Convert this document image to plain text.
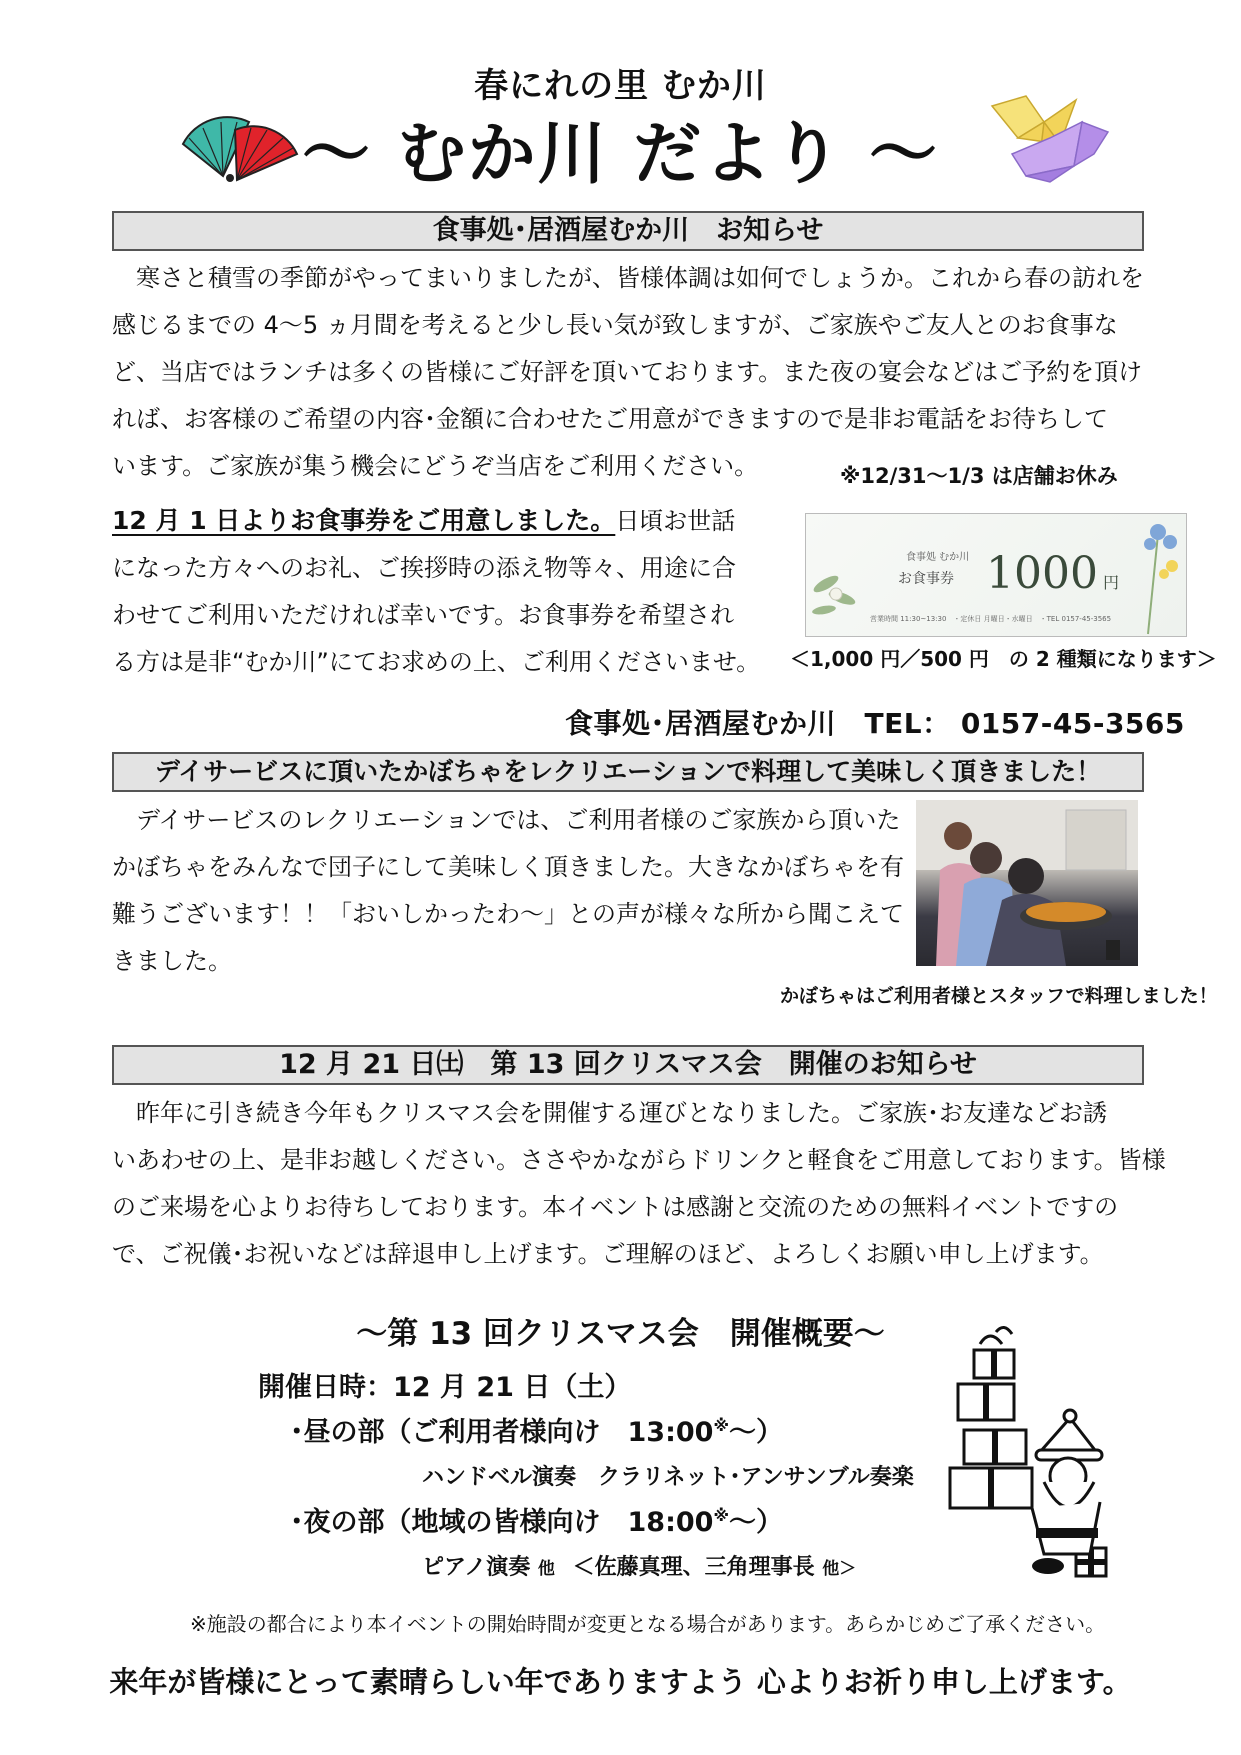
春にれの里 むか川
～ むか川 だより ～
食事処･居酒屋むか川　お知らせ

　寒さと積雪の季節がやってまいりましたが、皆様体調は如何でしょうか。これから春の訪れを

感じるまでの 4～5 ヵ月間を考えると少し長い気が致しますが、ご家族やご友人とのお食事な

ど、当店ではランチは多くの皆様にご好評を頂いております。また夜の宴会などはご予約を頂け

れば、お客様のご希望の内容･金額に合わせたご用意ができますので是非お電話をお待ちして

います。ご家族が集う機会にどうぞ当店をご利用ください。	※12/31～1/3 は店舗お休み

12 月 1 日よりお食事券をご用意しました。日頃お世話

になった方々へのお礼、ご挨拶時の添え物等々、用途に合

わせてご利用いただければ幸いです。お食事券を希望され

る方は是非“むか川”にてお求めの上、ご利用くださいませ。

食事処 むか川
お食事券 1000 円
営業時間 11:30~13:30　・定休日 月曜日・水曜日　・TEL 0157-45-3565
＜1,000 円／500 円　の 2 種類になります＞
食事処･居酒屋むか川　TEL： 0157-45-3565
デイサービスに頂いたかぼちゃをレクリエーションで料理して美味しく頂きました！

　デイサービスのレクリエーションでは、ご利用者様のご家族から頂いた

かぼちゃをみんなで団子にして美味しく頂きました。大きなかぼちゃを有

難うございます！！「おいしかったわ～」との声が様々な所から聞こえて

きました。

かぼちゃはご利用者様とスタッフで料理しました！
12 月 21 日㈯　第 13 回クリスマス会　開催のお知らせ

　昨年に引き続き今年もクリスマス会を開催する運びとなりました。ご家族･お友達などお誘

いあわせの上、是非お越しください。ささやかながらドリンクと軽食をご用意しております。皆様

のご来場を心よりお待ちしております。本イベントは感謝と交流のための無料イベントですの

で、ご祝儀･お祝いなどは辞退申し上げます。ご理解のほど、よろしくお願い申し上げます。

～第 13 回クリスマス会　開催概要～
開催日時：12 月 21 日（土）
･昼の部（ご利用者様向け　13:00※～）
ハンドベル演奏　クラリネット･アンサンブル奏楽
･夜の部（地域の皆様向け　18:00※～）
ピアノ演奏 他 ＜佐藤真理、三角理事長 他＞
※施設の都合により本イベントの開始時間が変更となる場合があります。あらかじめご了承ください。
来年が皆様にとって素晴らしい年でありますよう 心よりお祈り申し上げます。
